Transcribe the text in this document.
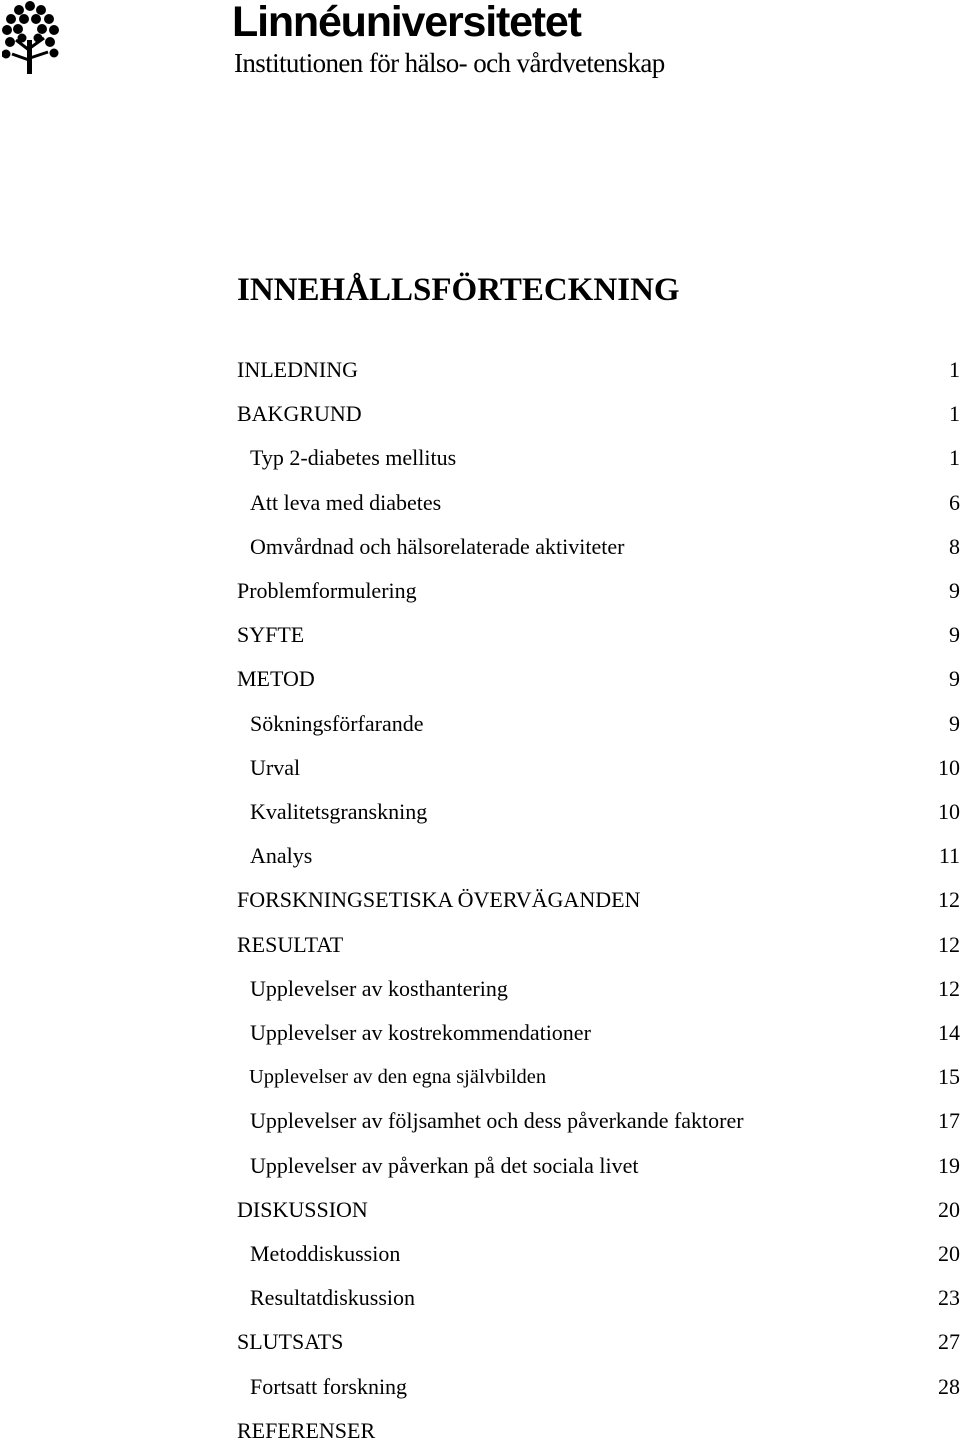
Linnéuniversitetet
Institutionen för hälso- och vårdvetenskap
INNEHÅLLSFÖRTECKNING
INLEDNING	1
BAKGRUND	1
Typ 2-diabetes mellitus	1
Att leva med diabetes	6
Omvårdnad och hälsorelaterade aktiviteter	8
Problemformulering	9
SYFTE	9
METOD	9
Sökningsförfarande	9
Urval	10
Kvalitetsgranskning	10
Analys	11
FORSKNINGSETISKA ÖVERVÄGANDEN	12
RESULTAT	12
Upplevelser av kosthantering	12
Upplevelser av kostrekommendationer	14
Upplevelser av den egna självbilden	15
Upplevelser av följsamhet och dess påverkande faktorer	17
Upplevelser av påverkan på det sociala livet	19
DISKUSSION	20
Metoddiskussion	20
Resultatdiskussion	23
SLUTSATS	27
Fortsatt forskning	28
REFERENSER
